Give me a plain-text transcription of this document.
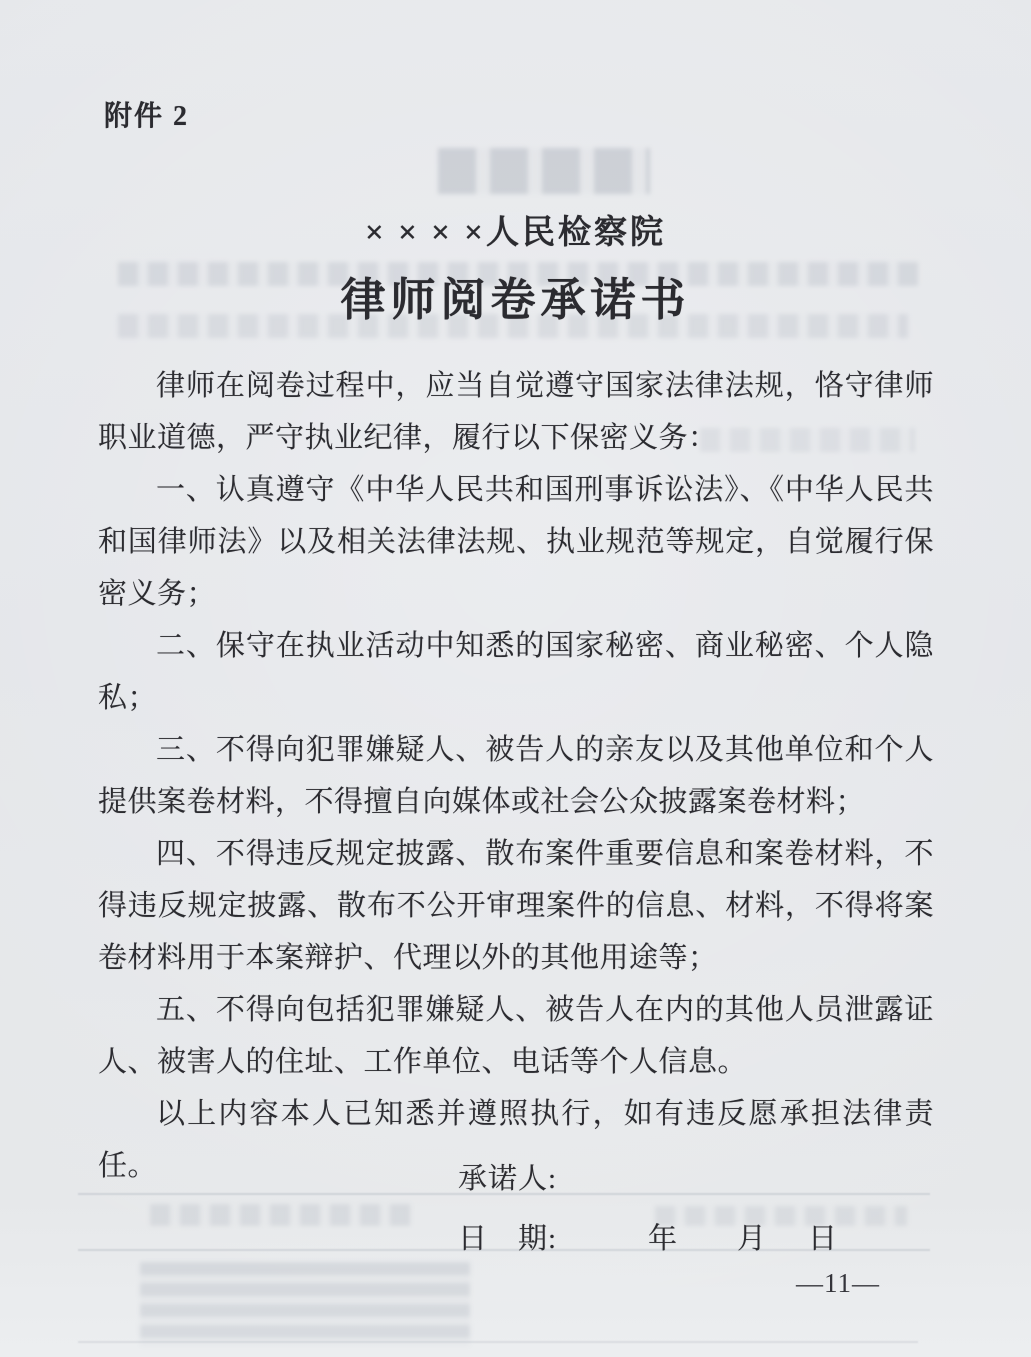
附件 2
× × × ×人民检察院
律师阅卷承诺书

律师在阅卷过程中，应当自觉遵守国家法律法规，恪守律师职业道德，严守执业纪律，履行以下保密义务：

一、认真遵守《中华人民共和国刑事诉讼法》、《中华人民共和国律师法》以及相关法律法规、执业规范等规定，自觉履行保密义务；

二、保守在执业活动中知悉的国家秘密、商业秘密、个人隐私；

三、不得向犯罪嫌疑人、被告人的亲友以及其他单位和个人提供案卷材料，不得擅自向媒体或社会公众披露案卷材料；

四、不得违反规定披露、散布案件重要信息和案卷材料，不得违反规定披露、散布不公开审理案件的信息、材料，不得将案卷材料用于本案辩护、代理以外的其他用途等；

五、不得向包括犯罪嫌疑人、被告人在内的其他人员泄露证人、被害人的住址、工作单位、电话等个人信息。

以上内容本人已知悉并遵照执行，如有违反愿承担法律责任。	承诺人:
日　期:	年 月 日
—11—
